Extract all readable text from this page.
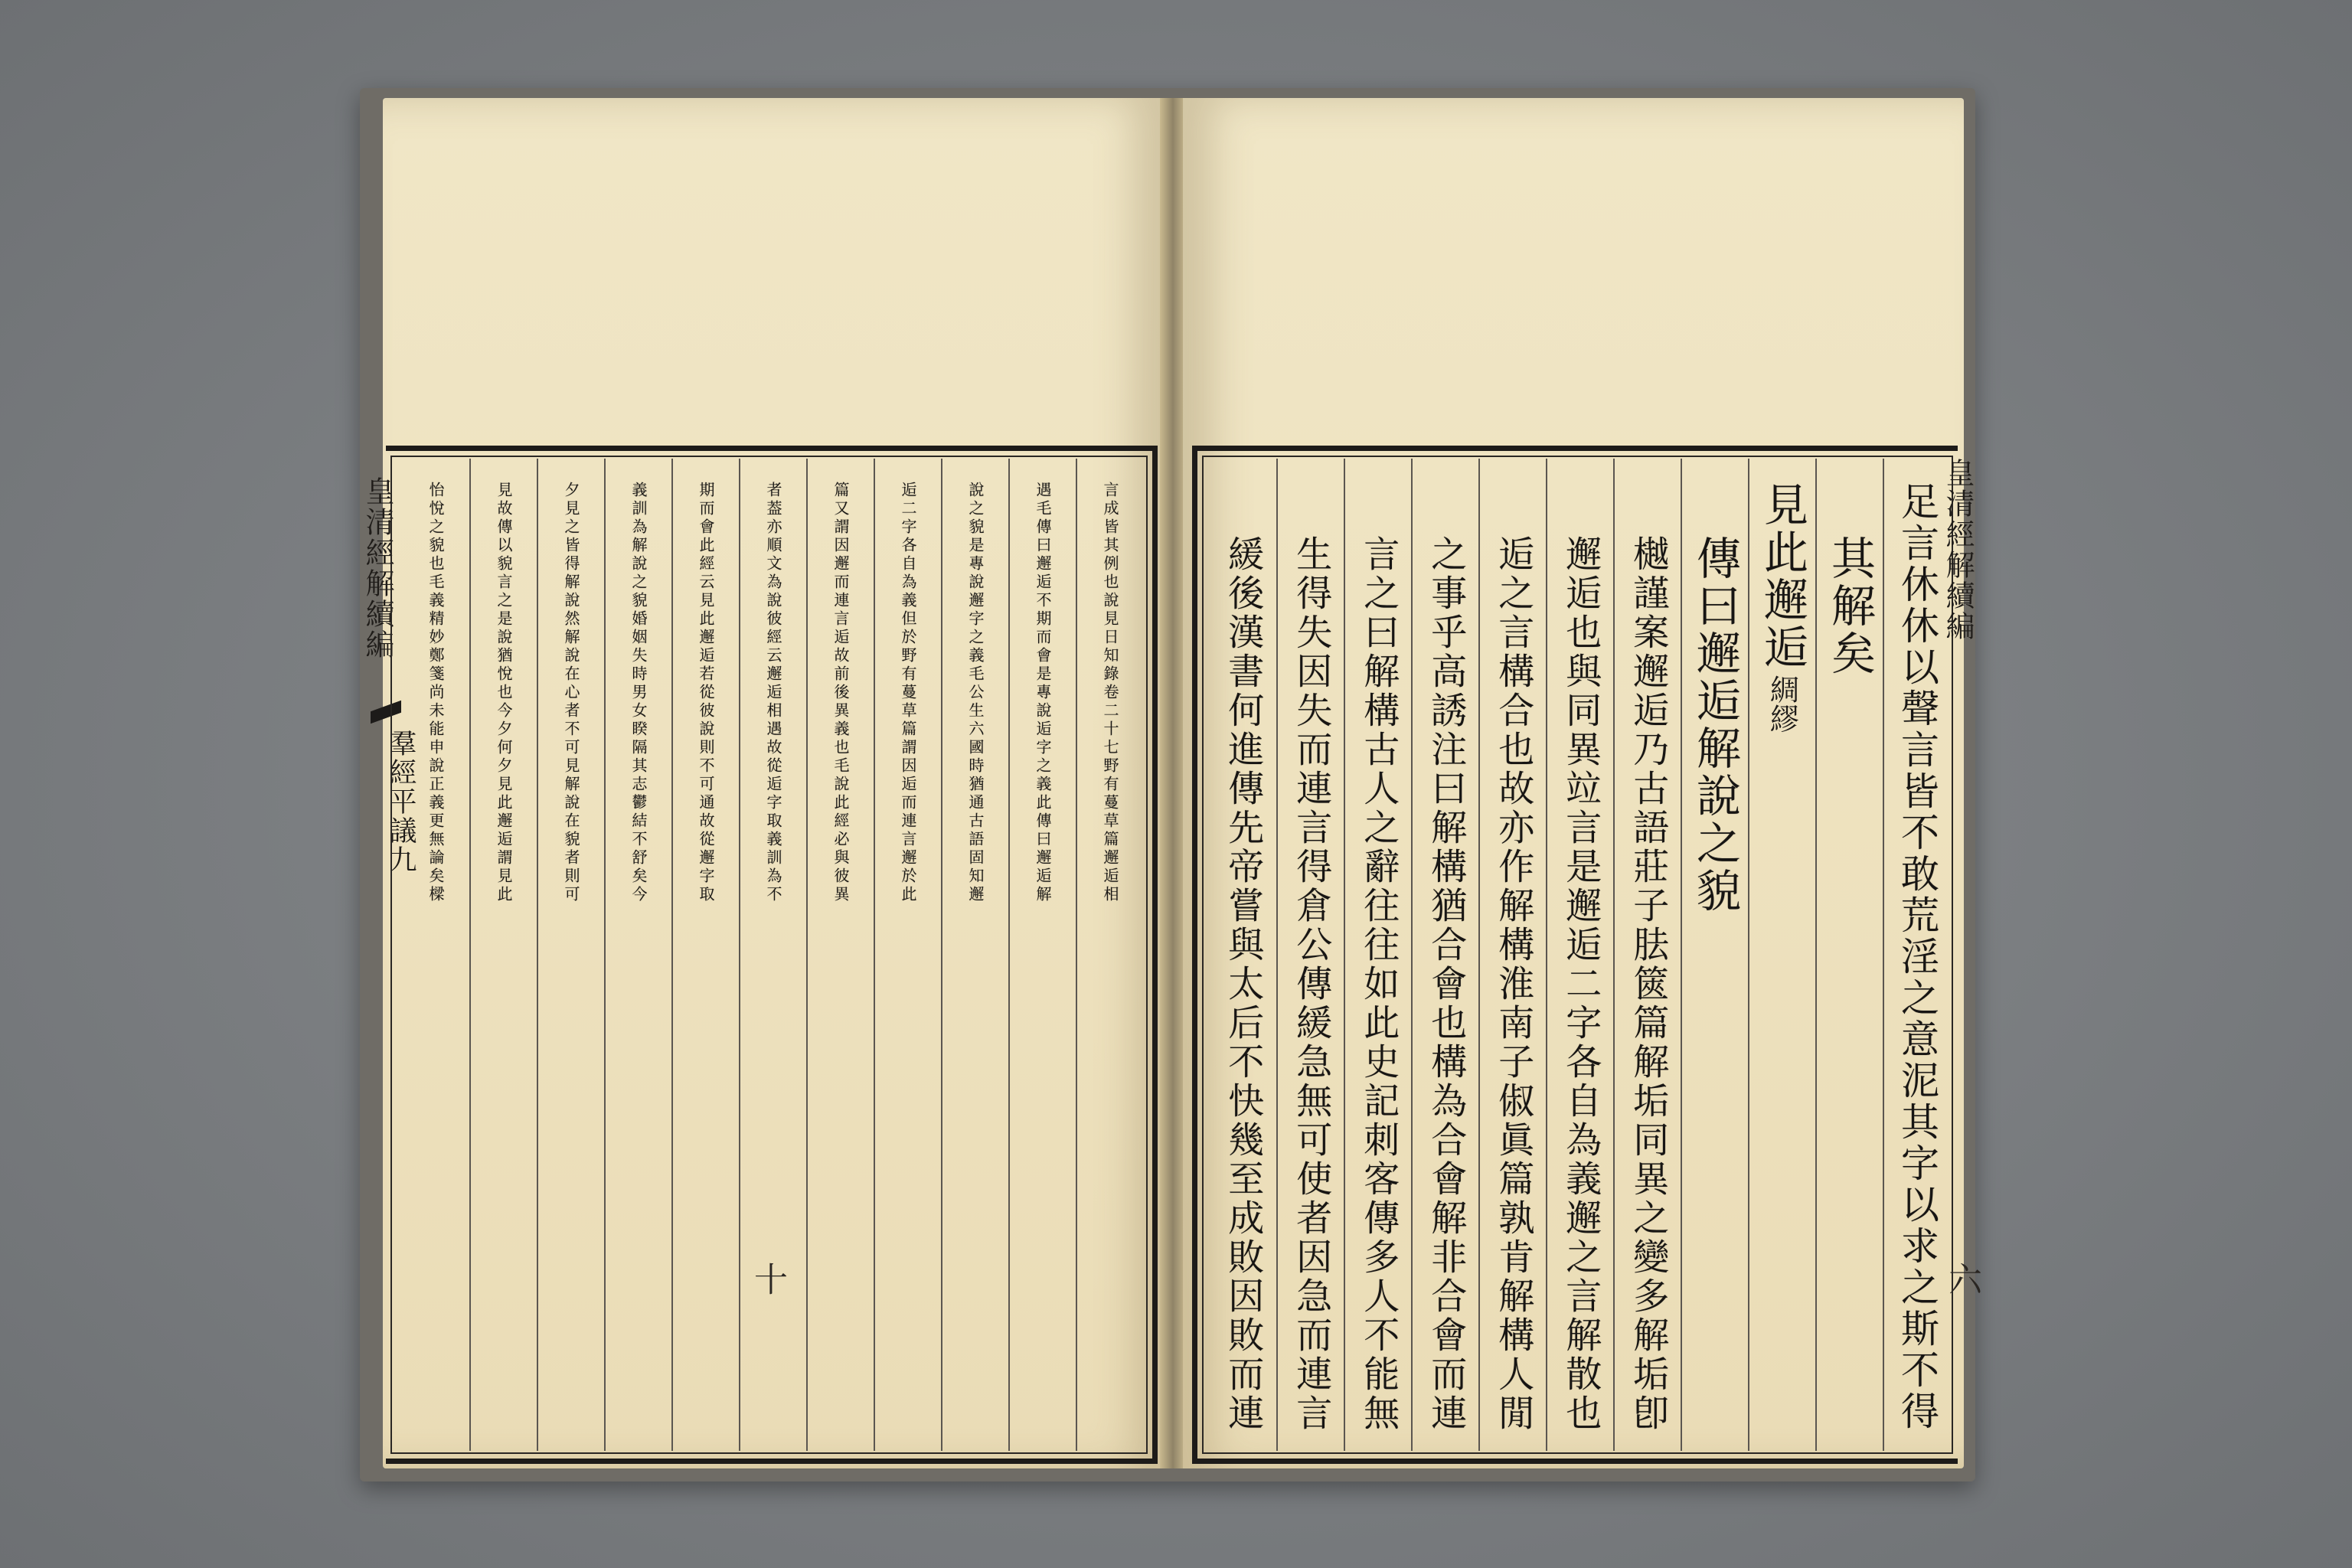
皇清經解續編
羣經平議九	言成皆其例也說見日知錄卷二十七野有蔓草篇邂逅相
遇毛傳曰邂逅不期而會是專說逅字之義此傳曰邂逅解
說之貌是專說邂字之義毛公生六國時猶通古語固知邂
逅二字各自為義但於野有蔓草篇謂因逅而連言邂於此
篇又謂因邂而連言逅故前後異義也毛說此經必與彼異
者葢亦順文為說彼經云邂逅相遇故從逅字取義訓為不
期而會此經云見此邂逅若從彼說則不可通故從邂字取
義訓為解說之貌婚姻失時男女睽隔其志鬱結不舒矣今
夕見之皆得解說然解說在心者不可見解說在貌者則可
見故傳以貌言之是說猶悅也今夕何夕見此邂逅謂見此
怡悅之貌也毛義精妙鄭箋尚未能申說正義更無論矣樑
十	足言休休以聲言皆不敢荒淫之意泥其字以求之斯不得
其解矣
見此邂逅
綢繆
傳曰邂逅解說之貌
樾謹案邂逅乃古語莊子胠篋篇解垢同異之變多解垢卽
邂逅也與同異竝言是邂逅二字各自為義邂之言解散也
逅之言構合也故亦作解構淮南子俶眞篇孰肯解構人閒
之事乎高誘注曰解構猶合會也構為合會解非合會而連
言之曰解構古人之辭往往如此史記刺客傳多人不能無
生得失因失而連言得倉公傳緩急無可使者因急而連言
緩後漢書何進傳先帝嘗與太后不快幾至成敗因敗而連	皇清經解續編
六
